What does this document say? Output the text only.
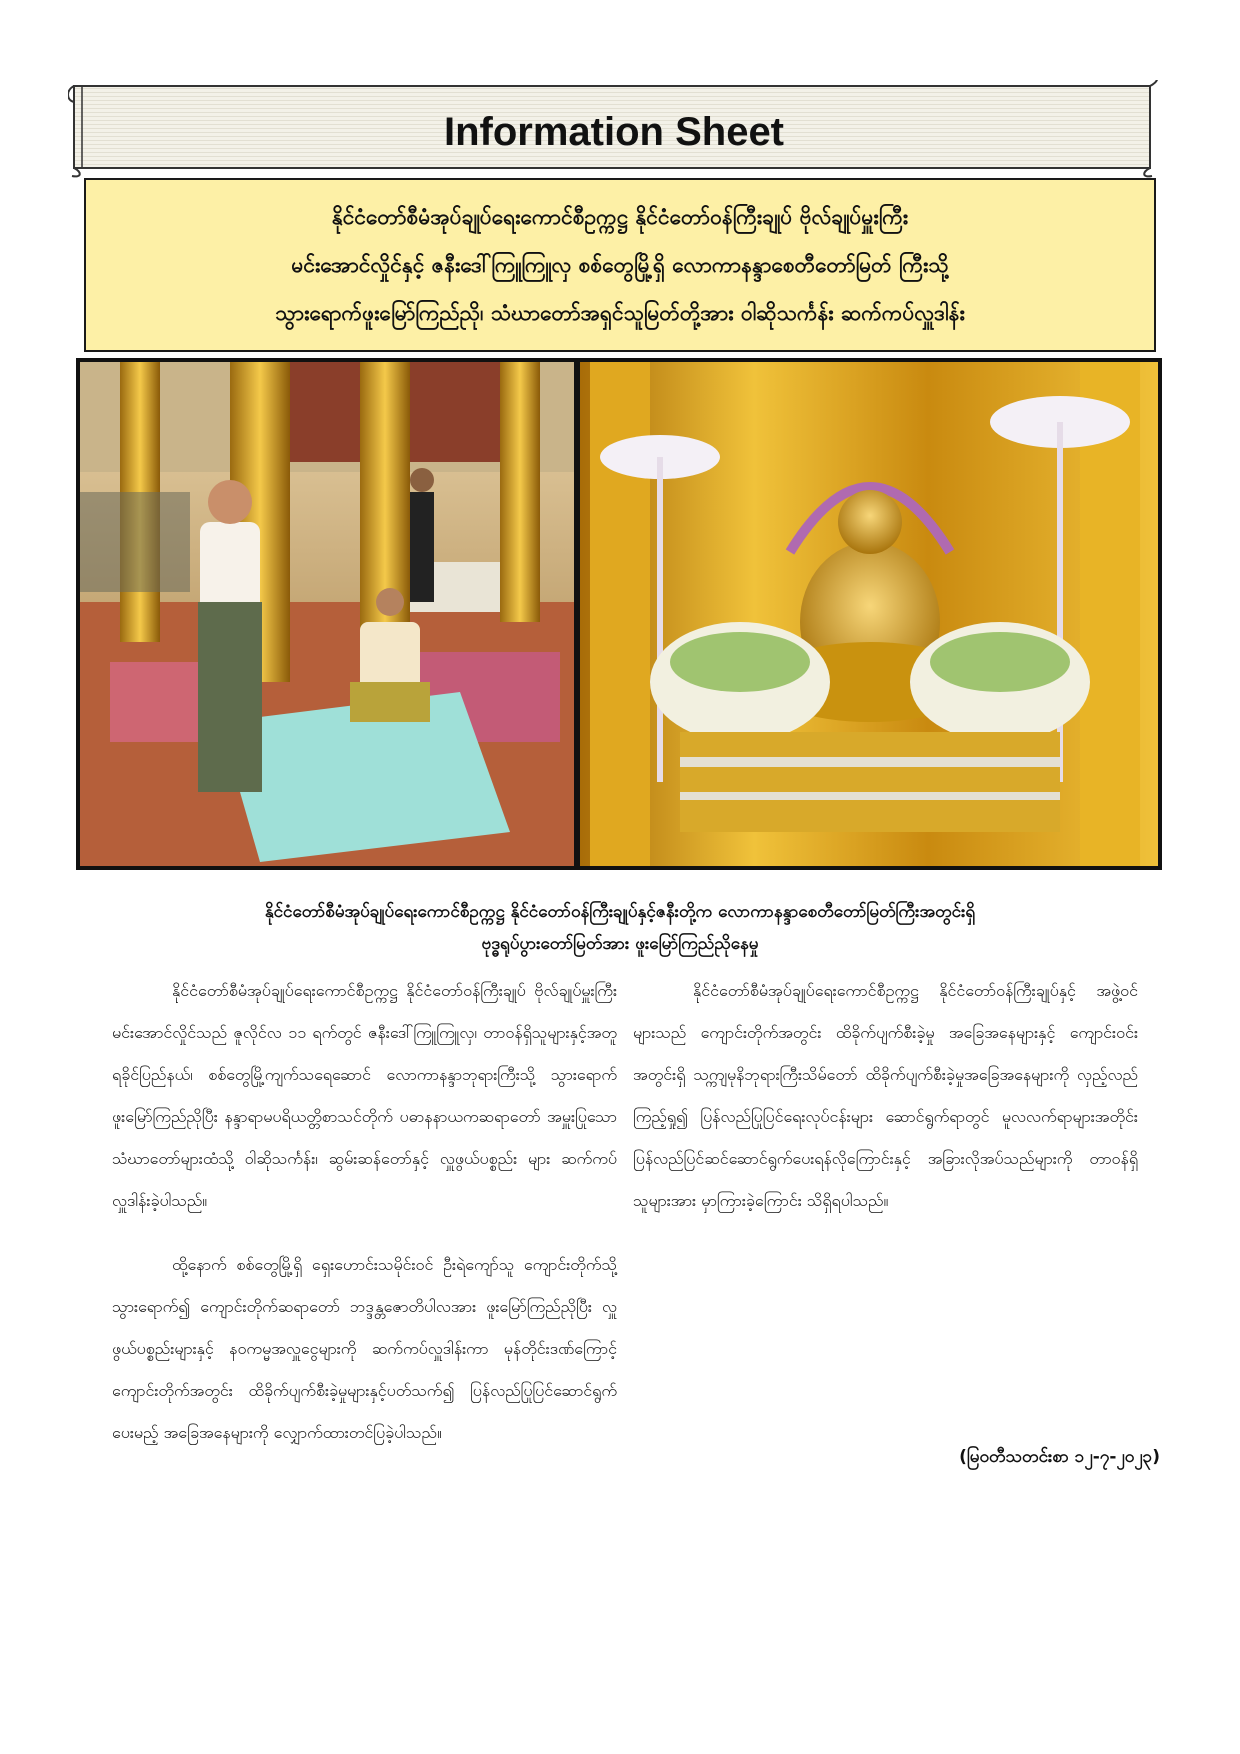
Information Sheet
နိုင်ငံတော်စီမံအုပ်ချုပ်ရေးကောင်စီဥက္ကဋ္ဌ နိုင်ငံတော်ဝန်ကြီးချုပ် ဗိုလ်ချုပ်မှူးကြီး
မင်းအောင်လှိုင်နှင့် ဇနီးဒေါ်ကြူကြူလှ စစ်တွေမြို့ရှိ လောကာနန္ဒာစေတီတော်မြတ် ကြီးသို့
သွားရောက်ဖူးမြော်ကြည်ညို၊ သံဃာတော်အရှင်သူမြတ်တို့အား ဝါဆိုသင်္ကန်း ဆက်ကပ်လှူဒါန်း
နိုင်ငံတော်စီမံအုပ်ချုပ်ရေးကောင်စီဥက္ကဋ္ဌ နိုင်ငံတော်ဝန်ကြီးချုပ်နှင့်ဇနီးတို့က လောကာနန္ဒာစေတီတော်မြတ်ကြီးအတွင်းရှိ
ဗုဒ္ဓရုပ်ပွားတော်မြတ်အား ဖူးမြော်ကြည်ညိုနေမှု

နိုင်ငံတော်စီမံအုပ်ချုပ်ရေးကောင်စီဥက္ကဋ္ဌ နိုင်ငံတော်ဝန်ကြီးချုပ် ဗိုလ်ချုပ်မှူးကြီး မင်းအောင်လှိုင်သည် ဇူလိုင်လ ၁၁ ရက်တွင် ဇနီးဒေါ်ကြူကြူလှ၊ တာဝန်ရှိသူများနှင့်အတူ ရခိုင်ပြည်နယ်၊ စစ်တွေမြို့ကျက်သရေဆောင် လောကာနန္ဒာဘုရားကြီးသို့ သွားရောက်ဖူးမြော်ကြည်ညိုပြီး နန္ဒာရာမပရိယတ္တိစာသင်တိုက် ပဓာနနာယကဆရာတော် အမှူးပြုသောသံဃာတော်များထံသို့ ဝါဆိုသင်္ကန်း၊ ဆွမ်းဆန်တော်နှင့် လှူဖွယ်ပစ္စည်း များ ဆက်ကပ်လှူဒါန်းခဲ့ပါသည်။

ထို့နောက် စစ်တွေမြို့ရှိ ရှေးဟောင်းသမိုင်းဝင် ဦးရဲကျော်သူ ကျောင်းတိုက်သို့ သွားရောက်၍ ကျောင်းတိုက်ဆရာတော် ဘဒ္ဒန္တဇောတိပါလအား ဖူးမြော်ကြည်ညိုပြီး လှူဖွယ်ပစ္စည်းများနှင့် နဝကမ္မအလှူငွေများကို ဆက်ကပ်လှူဒါန်းကာ မုန်တိုင်းဒဏ်ကြောင့် ကျောင်းတိုက်အတွင်း ထိခိုက်ပျက်စီးခဲ့မှုများနှင့်ပတ်သက်၍ ပြန်လည်ပြုပြင်ဆောင်ရွက်ပေးမည့် အခြေအနေများကို လျှောက်ထားတင်ပြခဲ့ပါသည်။

နိုင်ငံတော်စီမံအုပ်ချုပ်ရေးကောင်စီဥက္ကဋ္ဌ နိုင်ငံတော်ဝန်ကြီးချုပ်နှင့် အဖွဲ့ဝင်များသည် ကျောင်းတိုက်အတွင်း ထိခိုက်ပျက်စီးခဲ့မှု အခြေအနေများနှင့် ကျောင်းဝင်းအတွင်းရှိ သက္ကျမုနိဘုရားကြီးသိမ်တော် ထိခိုက်ပျက်စီးခဲ့မှုအခြေအနေများကို လှည့်လည်ကြည့်ရှု၍ ပြန်လည်ပြုပြင်ရေးလုပ်ငန်းများ ဆောင်ရွက်ရာတွင် မူလလက်ရာများအတိုင်း ပြန်လည်ပြင်ဆင်ဆောင်ရွက်ပေးရန်လိုကြောင်းနှင့် အခြားလိုအပ်သည်များကို တာဝန်ရှိသူများအား မှာကြားခဲ့ကြောင်း သိရှိရပါသည်။

(မြဝတီသတင်းစာ ၁၂-၇-၂၀၂၃)
